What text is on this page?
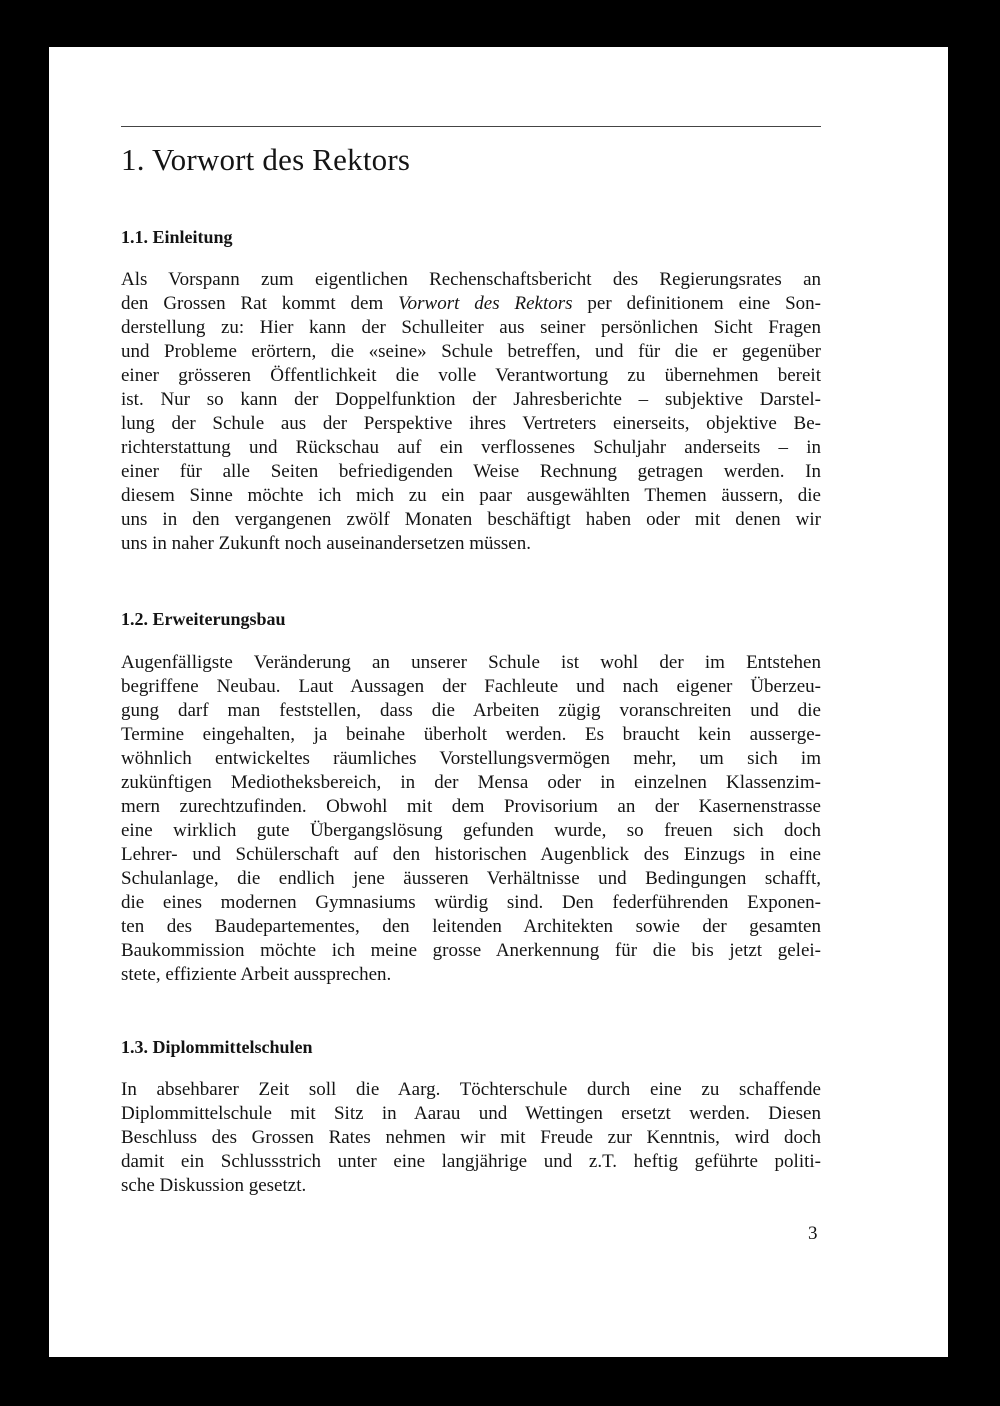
1. Vorwort des Rektors
1.1. Einleitung
Als Vorspann zum eigentlichen Rechenschaftsbericht des Regierungsrates an
den Grossen Rat kommt dem Vorwort des Rektors per definitionem eine Son-
derstellung zu: Hier kann der Schulleiter aus seiner persönlichen Sicht Fragen
und Probleme erörtern, die «seine» Schule betreffen, und für die er gegenüber
einer grösseren Öffentlichkeit die volle Verantwortung zu übernehmen bereit
ist. Nur so kann der Doppelfunktion der Jahresberichte – subjektive Darstel-
lung der Schule aus der Perspektive ihres Vertreters einerseits, objektive Be-
richterstattung und Rückschau auf ein verflossenes Schuljahr anderseits – in
einer für alle Seiten befriedigenden Weise Rechnung getragen werden. In
diesem Sinne möchte ich mich zu ein paar ausgewählten Themen äussern, die
uns in den vergangenen zwölf Monaten beschäftigt haben oder mit denen wir
uns in naher Zukunft noch auseinandersetzen müssen.
1.2. Erweiterungsbau
Augenfälligste Veränderung an unserer Schule ist wohl der im Entstehen
begriffene Neubau. Laut Aussagen der Fachleute und nach eigener Überzeu-
gung darf man feststellen, dass die Arbeiten zügig voranschreiten und die
Termine eingehalten, ja beinahe überholt werden. Es braucht kein ausserge-
wöhnlich entwickeltes räumliches Vorstellungsvermögen mehr, um sich im
zukünftigen Mediotheksbereich, in der Mensa oder in einzelnen Klassenzim-
mern zurechtzufinden. Obwohl mit dem Provisorium an der Kasernenstrasse
eine wirklich gute Übergangslösung gefunden wurde, so freuen sich doch
Lehrer- und Schülerschaft auf den historischen Augenblick des Einzugs in eine
Schulanlage, die endlich jene äusseren Verhältnisse und Bedingungen schafft,
die eines modernen Gymnasiums würdig sind. Den federführenden Exponen-
ten des Baudepartementes, den leitenden Architekten sowie der gesamten
Baukommission möchte ich meine grosse Anerkennung für die bis jetzt gelei-
stete, effiziente Arbeit aussprechen.
1.3. Diplommittelschulen
In absehbarer Zeit soll die Aarg. Töchterschule durch eine zu schaffende
Diplommittelschule mit Sitz in Aarau und Wettingen ersetzt werden. Diesen
Beschluss des Grossen Rates nehmen wir mit Freude zur Kenntnis, wird doch
damit ein Schlussstrich unter eine langjährige und z.T. heftig geführte politi-
sche Diskussion gesetzt.
3
